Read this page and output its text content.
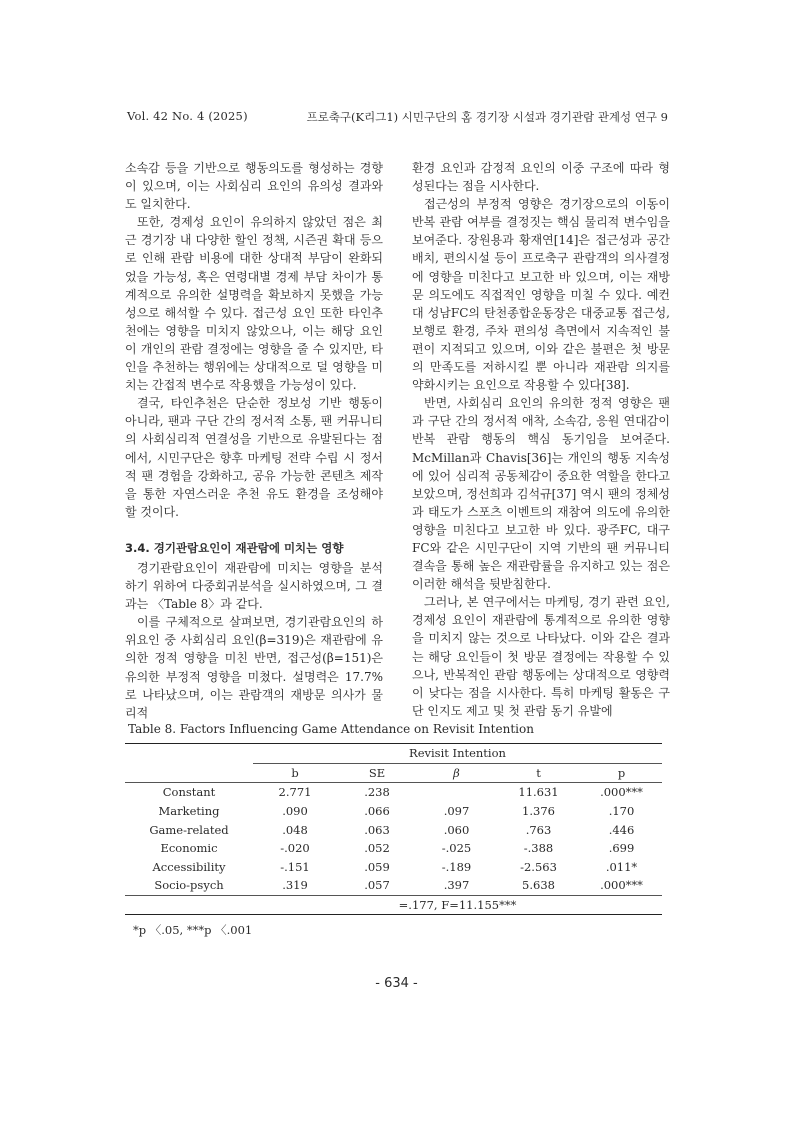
Vol. 42 No. 4 (2025)	프로축구(K리그1) 시민구단의 홈 경기장 시설과 경기관람 관계성 연구 9

소속감 등을 기반으로 행동의도를 형성하는 경향이 있으며, 이는 사회심리 요인의 유의성 결과와도 일치한다.

또한, 경제성 요인이 유의하지 않았던 점은 최근 경기장 내 다양한 할인 정책, 시즌권 확대 등으로 인해 관람 비용에 대한 상대적 부담이 완화되었을 가능성, 혹은 연령대별 경제 부담 차이가 통계적으로 유의한 설명력을 확보하지 못했을 가능성으로 해석할 수 있다. 접근성 요인 또한 타인추천에는 영향을 미치지 않았으나, 이는 해당 요인이 개인의 관람 결정에는 영향을 줄 수 있지만, 타인을 추천하는 행위에는 상대적으로 덜 영향을 미치는 간접적 변수로 작용했을 가능성이 있다.

결국, 타인추천은 단순한 정보성 기반 행동이 아니라, 팬과 구단 간의 정서적 소통, 팬 커뮤니티의 사회심리적 연결성을 기반으로 유발된다는 점에서, 시민구단은 향후 마케팅 전략 수립 시 정서적 팬 경험을 강화하고, 공유 가능한 콘텐츠 제작을 통한 자연스러운 추천 유도 환경을 조성해야 할 것이다.

3.4. 경기관람요인이 재관람에 미치는 영향

경기관람요인이 재관람에 미치는 영향을 분석하기 위하여 다중회귀분석을 실시하였으며, 그 결과는 〈Table 8〉과 같다.

이를 구체적으로 살펴보면, 경기관람요인의 하위요인 중 사회심리 요인(β=319)은 재관람에 유의한 정적 영향을 미친 반면, 접근성(β=151)은 유의한 부정적 영향을 미쳤다. 설명력은 17.7%로 나타났으며, 이는 관람객의 재방문 의사가 물리적

환경 요인과 감정적 요인의 이중 구조에 따라 형성된다는 점을 시사한다.

접근성의 부정적 영향은 경기장으로의 이동이 반복 관람 여부를 결정짓는 핵심 물리적 변수임을 보여준다. 장원용과 황재연[14]은 접근성과 공간 배치, 편의시설 등이 프로축구 관람객의 의사결정에 영향을 미친다고 보고한 바 있으며, 이는 재방문 의도에도 직접적인 영향을 미칠 수 있다. 예컨대 성남FC의 탄천종합운동장은 대중교통 접근성, 보행로 환경, 주차 편의성 측면에서 지속적인 불편이 지적되고 있으며, 이와 같은 불편은 첫 방문의 만족도를 저하시킬 뿐 아니라 재관람 의지를 약화시키는 요인으로 작용할 수 있다[38].

반면, 사회심리 요인의 유의한 정적 영향은 팬과 구단 간의 정서적 애착, 소속감, 응원 연대감이 반복 관람 행동의 핵심 동기임을 보여준다. McMillan과 Chavis[36]는 개인의 행동 지속성에 있어 심리적 공동체감이 중요한 역할을 한다고 보았으며, 정선희과 김석규[37] 역시 팬의 정체성과 태도가 스포츠 이벤트의 재참여 의도에 유의한 영향을 미친다고 보고한 바 있다. 광주FC, 대구FC와 같은 시민구단이 지역 기반의 팬 커뮤니티 결속을 통해 높은 재관람률을 유지하고 있는 점은 이러한 해석을 뒷받침한다.

그러나, 본 연구에서는 마케팅, 경기 관련 요인, 경제성 요인이 재관람에 통계적으로 유의한 영향을 미치지 않는 것으로 나타났다. 이와 같은 결과는 해당 요인들이 첫 방문 결정에는 작용할 수 있으나, 반복적인 관람 행동에는 상대적으로 영향력이 낮다는 점을 시사한다. 특히 마케팅 활동은 구단 인지도 제고 및 첫 관람 동기 유발에

Table 8. Factors Influencing Game Attendance on Revisit Intention
	Revisit Intention				
	b	SE	β	t	p
Constant	2.771	.238		11.631	.000***
Marketing	.090	.066	.097	1.376	.170
Game-related	.048	.063	.060	.763	.446
Economic	-.020	.052	-.025	-.388	.699
Accessibility	-.151	.059	-.189	-2.563	.011*
Socio-psych	.319	.057	.397	5.638	.000***
	=.177, F=11.155***				
*p 〈.05, ***p 〈.001
- 634 -
